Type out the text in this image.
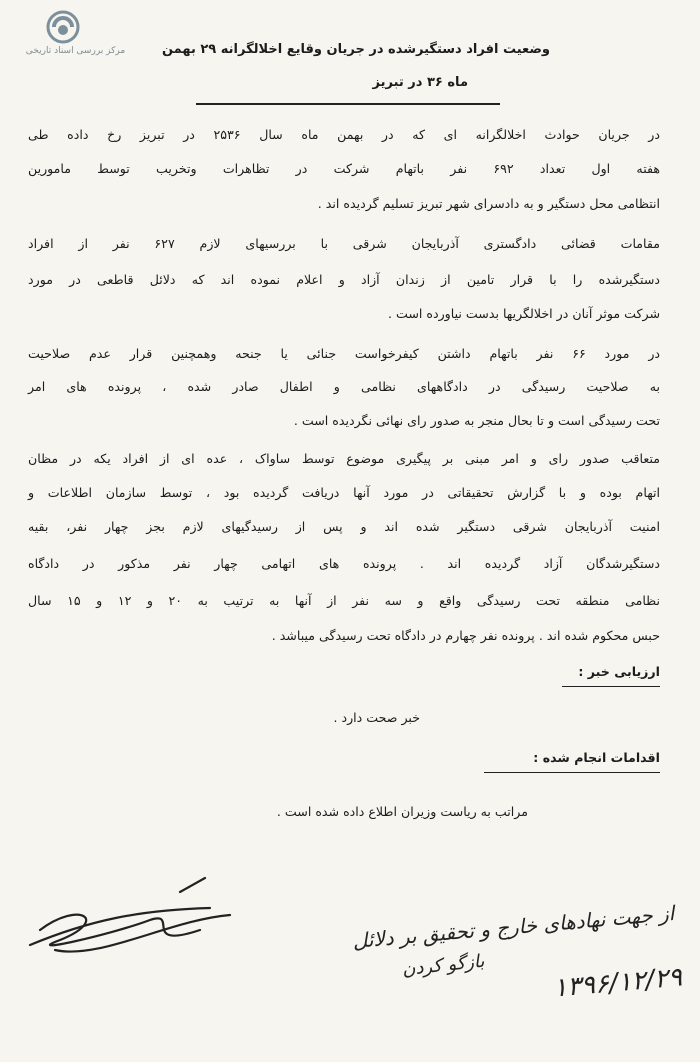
مرکز بررسی اسناد تاریخی	وضعیت افراد دستگیرشده در جریان وقایع اخلالگرانه ۲۹ بهمن
ماه ۳۶ در تبریز
در جریان حوادث اخلالگرانه ای که در بهمن ماه سال ۲۵۳۶ در تبریز رخ داده طی
هفته اول تعداد ۶۹۲ نفر باتهام شرکت در تظاهرات وتخریب توسط مامورین
انتظامی محل دستگیر و به دادسرای شهر تبریز تسلیم گردیده اند .
مقامات قضائی دادگستری آذربایجان شرقی با بررسیهای لازم ۶۲۷ نفر از افراد
دستگیرشده را با قرار تامین از زندان آزاد و اعلام نموده اند که دلائل قاطعی در مورد
شرکت موثر آنان در اخلالگریها بدست نیاورده است .
در مورد ۶۶ نفر باتهام داشتن کیفرخواست جنائی یا جنحه وهمچنین قرار عدم صلاحیت
به صلاحیت رسیدگی در دادگاههای نظامی و اطفال صادر شده ، پرونده های امر
تحت رسیدگی است و تا بحال منجر به صدور رای نهائی نگردیده است .
متعاقب صدور رای و امر مبنی بر پیگیری موضوع توسط ساواک ، عده ای از افراد یکه در مظان
اتهام بوده و با گزارش تحقیقاتی در مورد آنها دریافت گردیده بود ، توسط سازمان اطلاعات و
امنیت آذربایجان شرقی دستگیر شده اند و پس از رسیدگیهای لازم بجز چهار نفر، بقیه
دستگیرشدگان آزاد گردیده اند . پرونده های اتهامی چهار نفر مذکور در دادگاه
نظامی منطقه تحت رسیدگی واقع و سه نفر از آنها به ترتیب به ۲۰ و ۱۲ و ۱۵ سال
حبس محکوم شده اند . پرونده نفر چهارم در دادگاه تحت رسیدگی میباشد .
ارزیابی خبر :
خبر صحت دارد .
اقدامات انجام شده :
مراتب به ریاست وزیران اطلاع داده شده است .
از جهت نهادهای خارج و تحقیق بر دلائل
بازگو کردن	۱۳۹۶/۱۲/۲۹
